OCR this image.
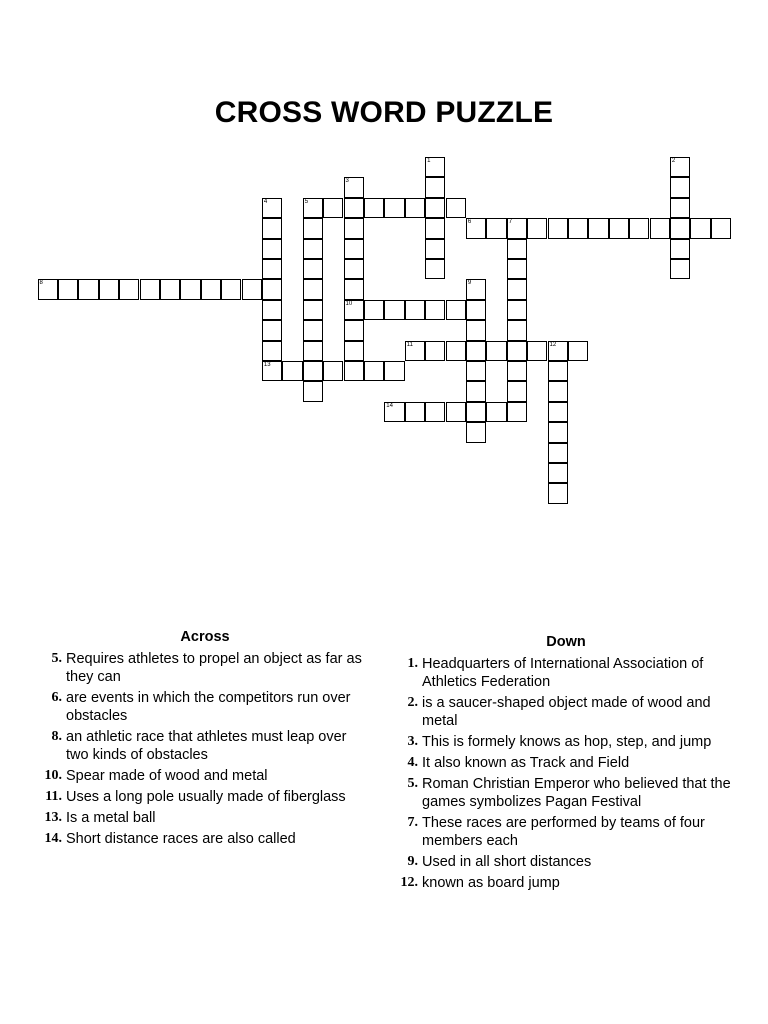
CROSS WORD PUZZLE
1	2
3
10
4
13
5
6	7
8	9
11	12
14
Across
5. Requires athletes to propel an object as far as they can
6. are events in which the competitors run over obstacles
8. an athletic race that athletes must leap over two kinds of obstacles
10. Spear made of wood and metal
11. Uses a long pole usually made of fiberglass
13. Is a metal ball
14. Short distance races are also called
Down
1. Headquarters of International Association of Athletics Federation
2. is a saucer-shaped object made of wood and metal
3. This is formely knows as hop, step, and jump
4. It also known as Track and Field
5. Roman Christian Emperor who believed that the games symbolizes Pagan Festival
7. These races are performed by teams of four members each
9. Used in all short distances
12. known as board jump
